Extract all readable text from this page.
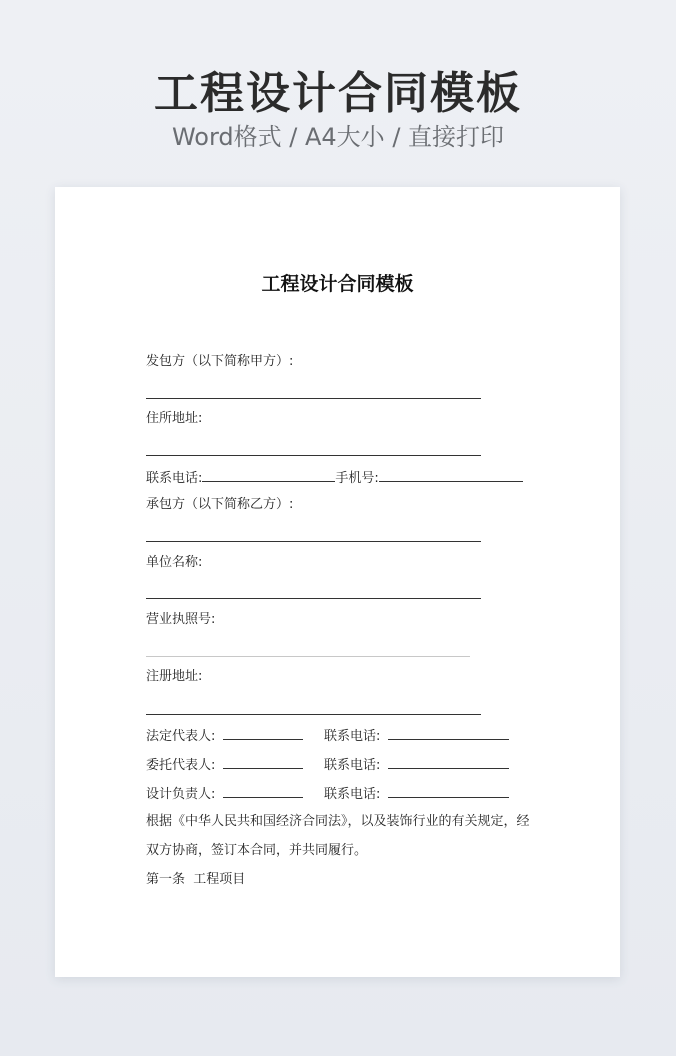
工程设计合同模板
Word格式 / A4大小 / 直接打印
工程设计合同模板
发包方（以下简称甲方）:
住所地址:
联系电话:	手机号:
承包方（以下简称乙方）:
单位名称:
营业执照号:
注册地址:
法定代表人:	联系电话:
委托代表人:	联系电话:
设计负责人:	联系电话:
根据《中华人民共和国经济合同法》，以及装饰行业的有关规定，经
双方协商，签订本合同，并共同履行。
第一条  工程项目
